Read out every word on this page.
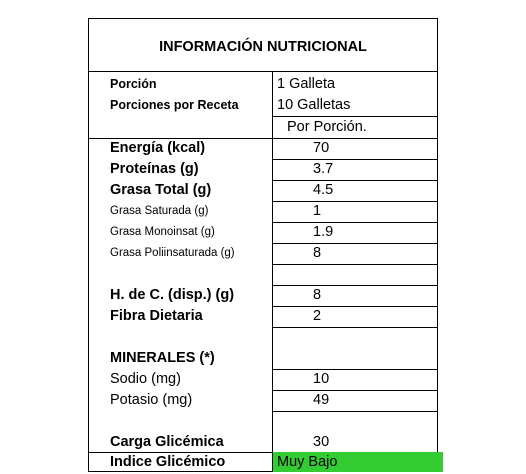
INFORMACIÓN NUTRICIONAL
Porción	1 Galleta
Porciones por Receta	10 Galletas
Por Porción.
Energía (kcal)	70
Proteínas (g)	3.7
Grasa Total (g)	4.5
Grasa Saturada (g)	1
Grasa Monoinsat (g)	1.9
Grasa Poliinsaturada (g)	8
H. de C. (disp.) (g)	8
Fibra Dietaria	2
MINERALES (*)
Sodio (mg)	10
Potasio (mg)	49
Carga Glicémica	30
Indice Glicémico	Muy Bajo
